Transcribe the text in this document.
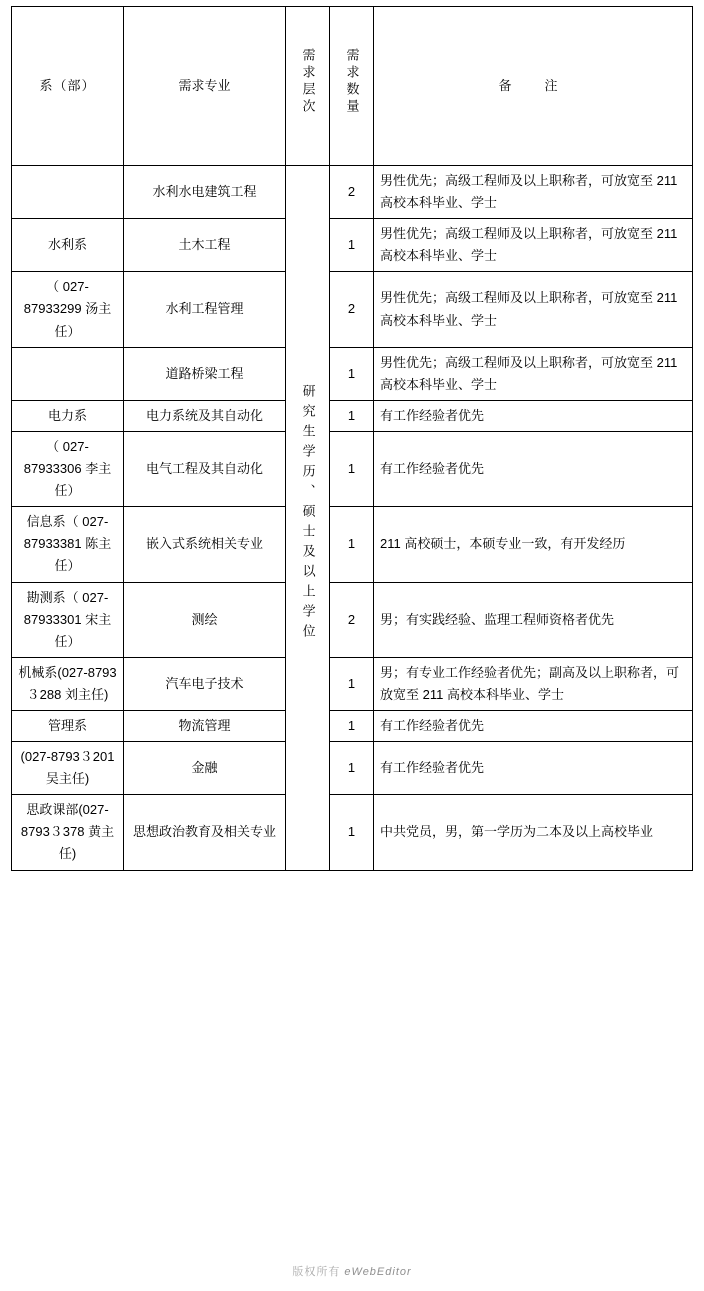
系（部）	需求专业	需求层次	需求数量	备　注
	水利水电建筑工程	研究生学历、硕士及以上学位	2	男性优先；高级工程师及以上职称者，可放宽至 211 高校本科毕业、学士
水利系	土木工程		1	男性优先；高级工程师及以上职称者，可放宽至 211 高校本科毕业、学士
（ 027-87933299 汤主任）	水利工程管理		2	男性优先；高级工程师及以上职称者，可放宽至 211 高校本科毕业、学士
	道路桥梁工程		1	男性优先；高级工程师及以上职称者，可放宽至 211 高校本科毕业、学士
电力系	电力系统及其自动化		1	有工作经验者优先
（ 027-87933306 李主任）	电气工程及其自动化		1	有工作经验者优先
信息系（ 027-87933381 陈主任）	嵌入式系统相关专业		1	211 高校硕士，本硕专业一致，有开发经历
勘测系（ 027-87933301 宋主任）	测绘		2	男；有实践经验、监理工程师资格者优先
机械系(027-8793３288 刘主任)	汽车电子技术		1	男；有专业工作经验者优先；副高及以上职称者，可放宽至 211 高校本科毕业、学士
管理系	物流管理		1	有工作经验者优先
(027-8793３201 吴主任)	金融		1	有工作经验者优先
思政课部(027-8793３378 黄主任)	思想政治教育及相关专业		1	中共党员，男，第一学历为二本及以上高校毕业
版权所有 eWebEditor
